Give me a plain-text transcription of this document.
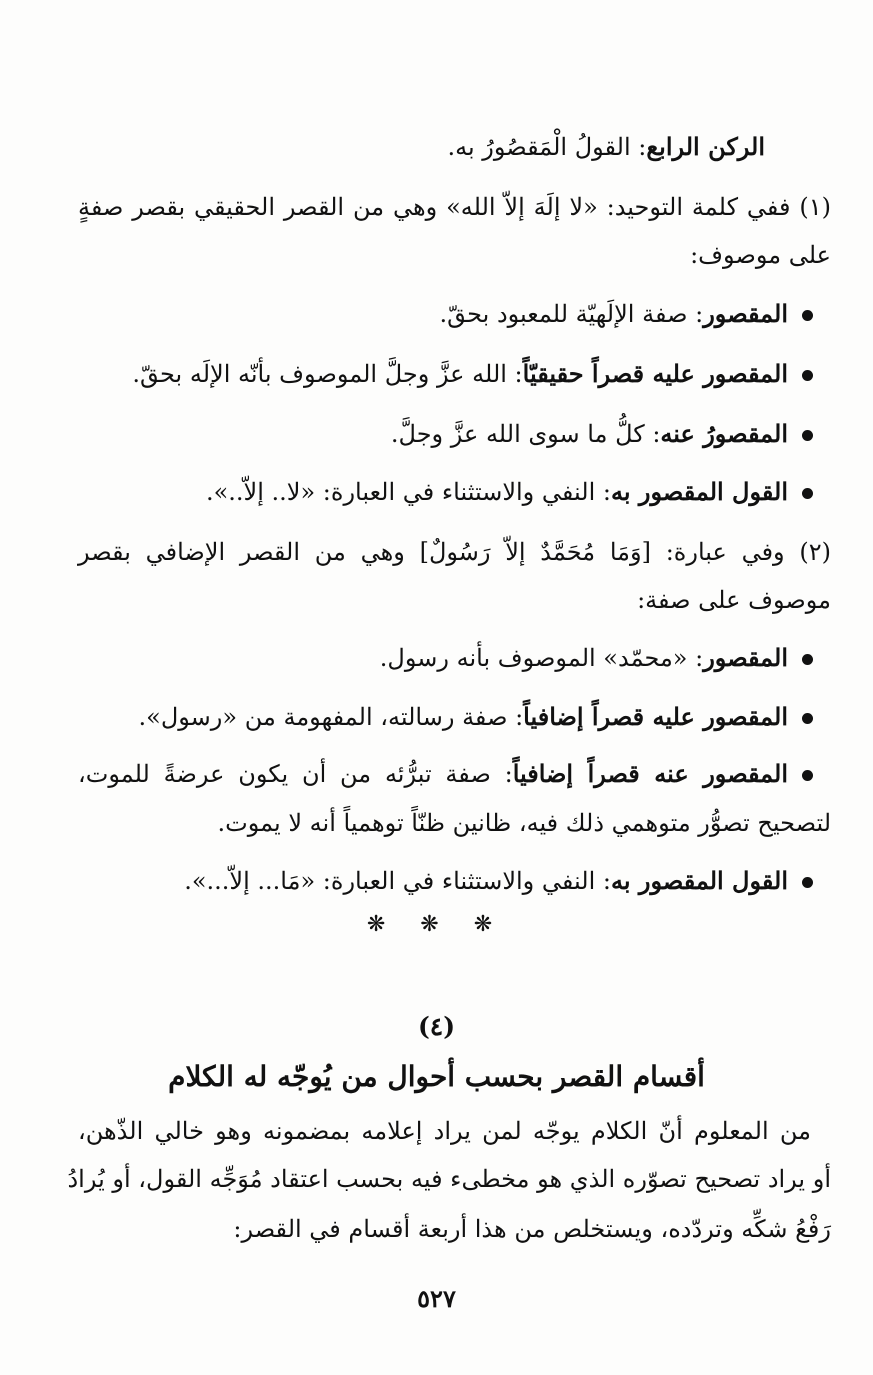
الركن الرابع: القولُ الْمَقصُورُ به.
(١) ففي كلمة التوحيد: «لا إلَهَ إلاّ الله» وهي من القصر الحقيقي بقصر صفةٍ
على موصوف:
المقصور: صفة الإلَهيّة للمعبود بحقّ.
المقصور عليه قصراً حقيقيّاً: الله عزَّ وجلَّ الموصوف بأنّه الإلَه بحقّ.
المقصورُ عنه: كلُّ ما سوى الله عزَّ وجلَّ.
القول المقصور به: النفي والاستثناء في العبارة: «لا.. إلاّ..».
(٢) وفي عبارة: [وَمَا مُحَمَّدٌ إلاّ رَسُولٌ] وهي من القصر الإضافي بقصر
موصوف على صفة:
المقصور: «محمّد» الموصوف بأنه رسول.
المقصور عليه قصراً إضافياً: صفة رسالته، المفهومة من «رسول».
المقصور عنه قصراً إضافياً: صفة تبرُّئه من أن يكون عرضةً للموت،
لتصحيح تصوُّر متوهمي ذلك فيه، ظانين ظنّاً توهمياً أنه لا يموت.
القول المقصور به: النفي والاستثناء في العبارة: «مَا... إلاّ...».
❋ ❋ ❋
(٤)
أقسام القصر بحسب أحوال من يُوجّه له الكلام
من المعلوم أنّ الكلام يوجّه لمن يراد إعلامه بمضمونه وهو خالي الذّهن،
أو يراد تصحيح تصوّره الذي هو مخطىء فيه بحسب اعتقاد مُوَجِّه القول، أو يُرادُ
رَفْعُ شكِّه وتردّده، ويستخلص من هذا أربعة أقسام في القصر:
٥٢٧
